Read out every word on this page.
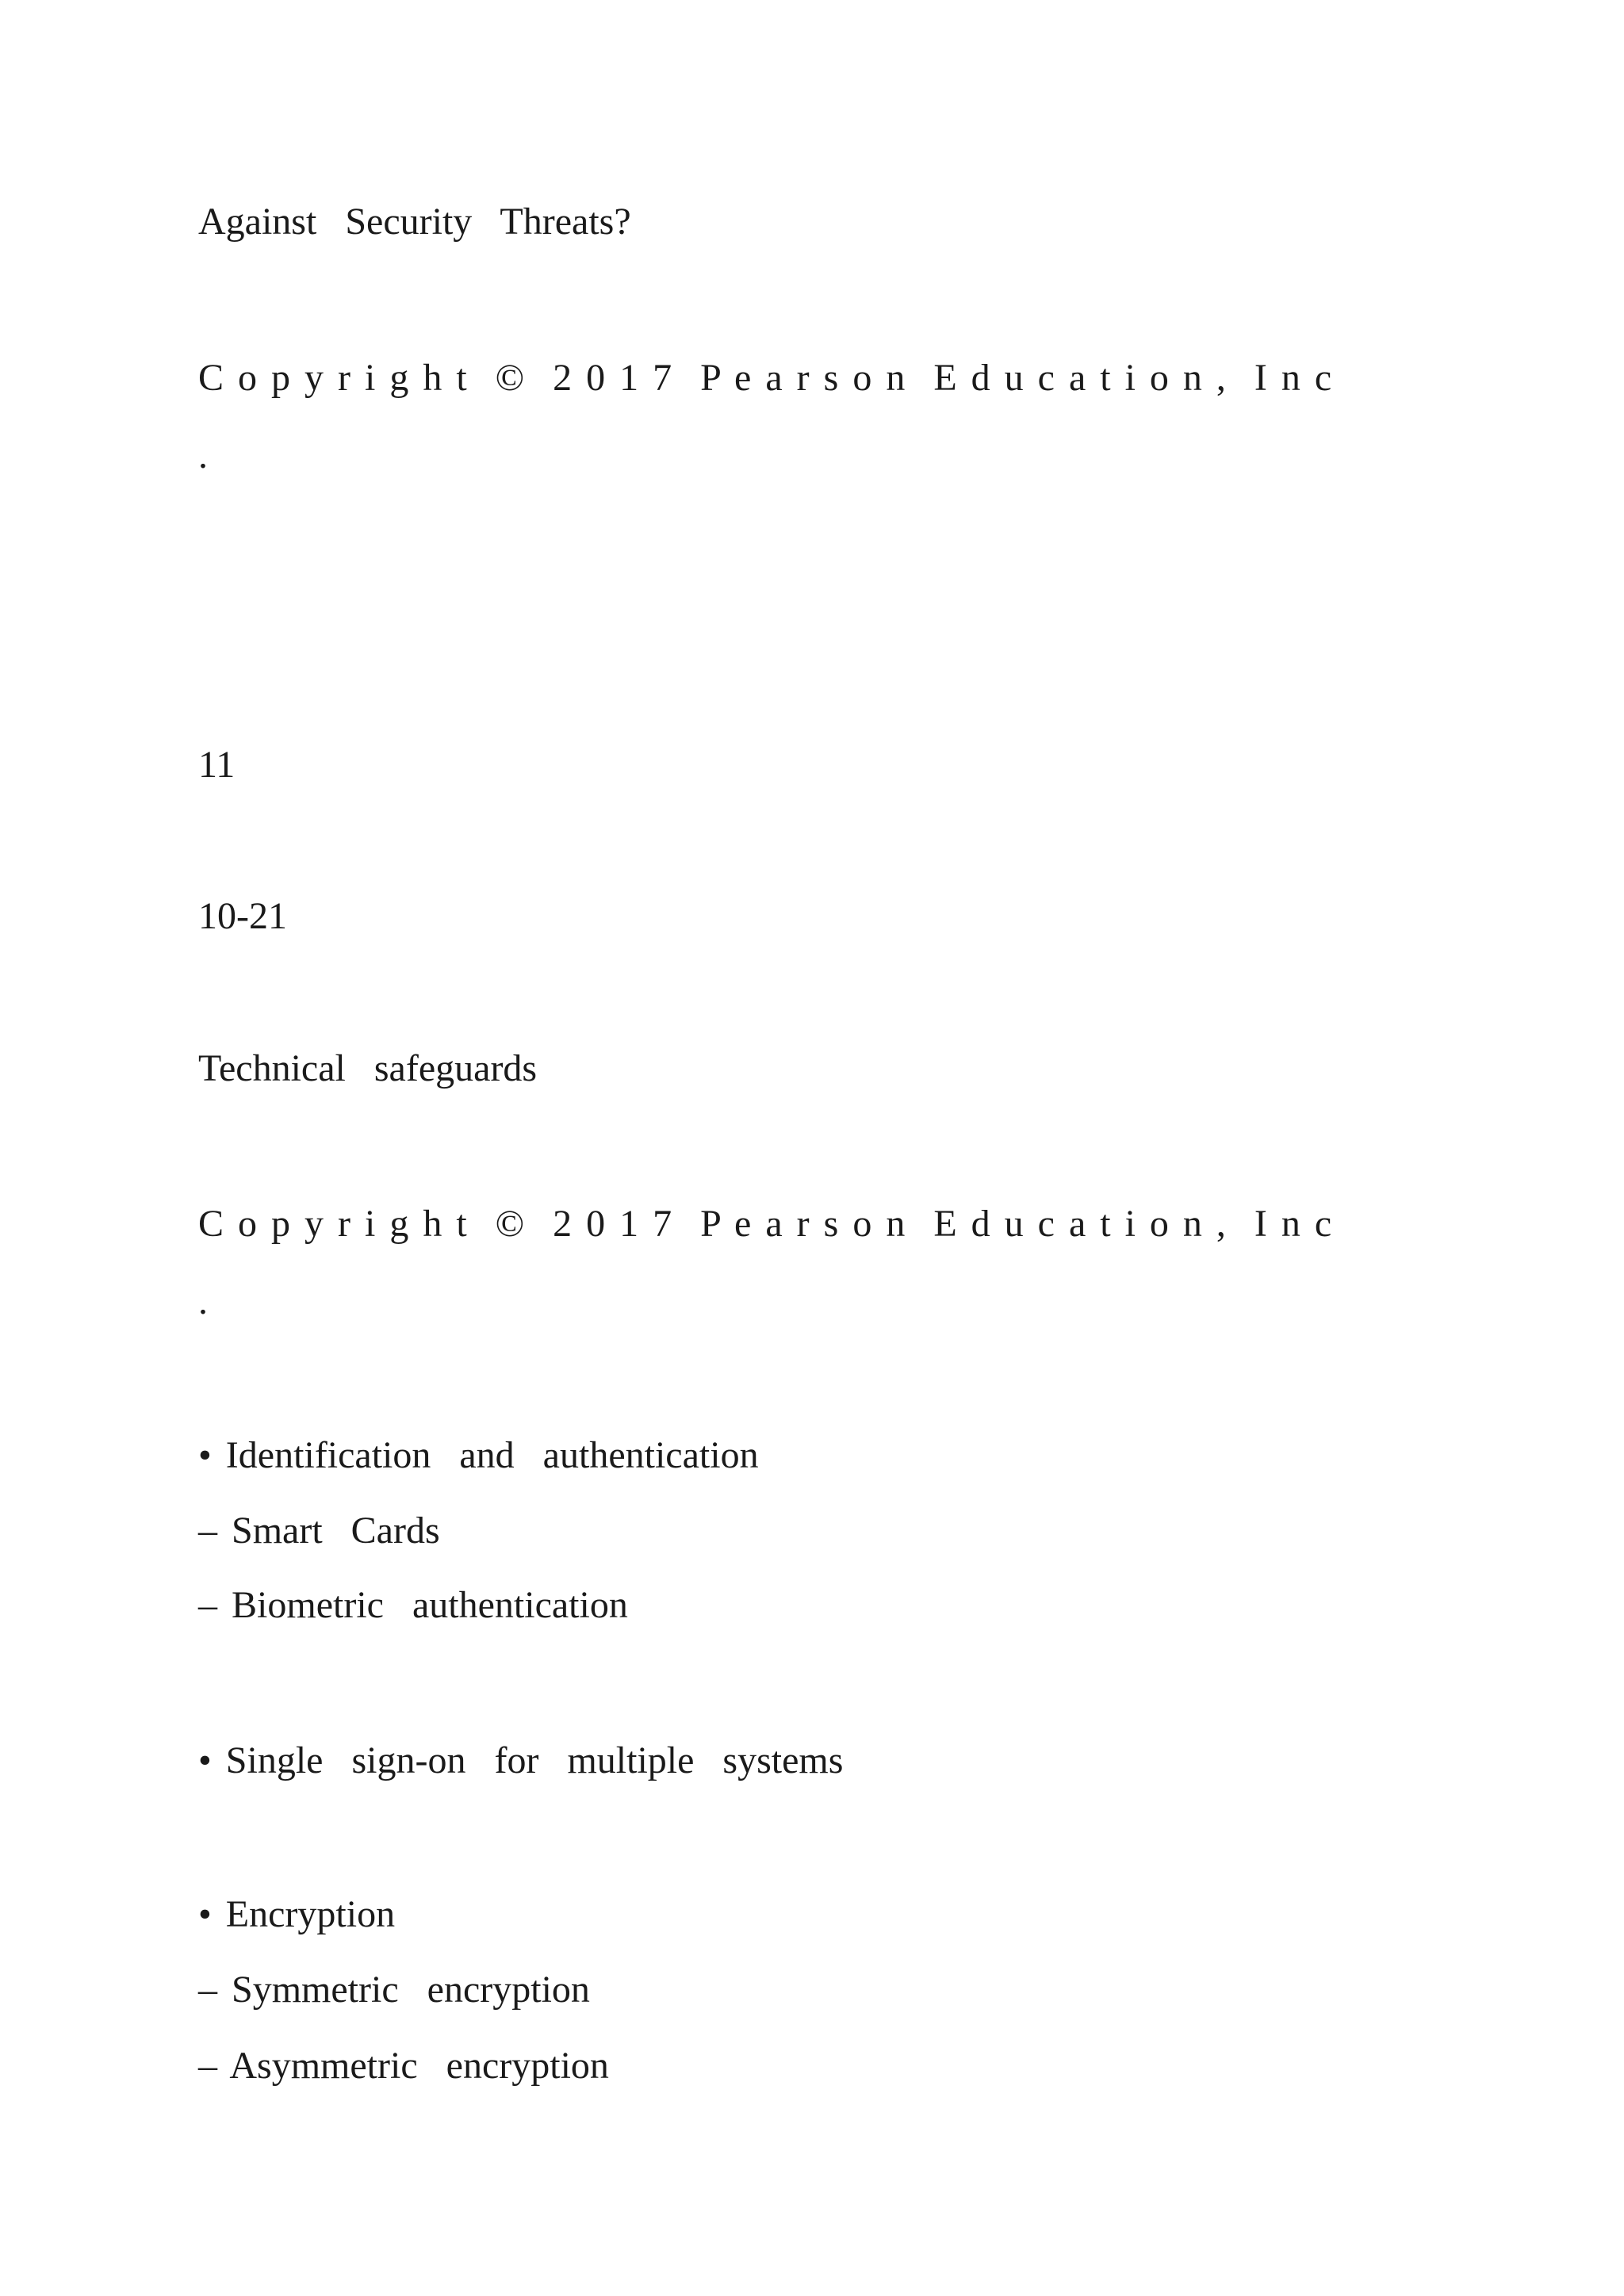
Against  Security  Threats?
C o p y r i g h t  ©  2 0 1 7  P e a r s o n  E d u c a t i o n ,  I n c
.
11
10-21
Technical  safeguards
C o p y r i g h t  ©  2 0 1 7  P e a r s o n  E d u c a t i o n ,  I n c
.
• Identification  and  authentication
– Smart  Cards
– Biometric  authentication
• Single  sign-on  for  multiple  systems
• Encryption
– Symmetric  encryption
– Asymmetric  encryption
